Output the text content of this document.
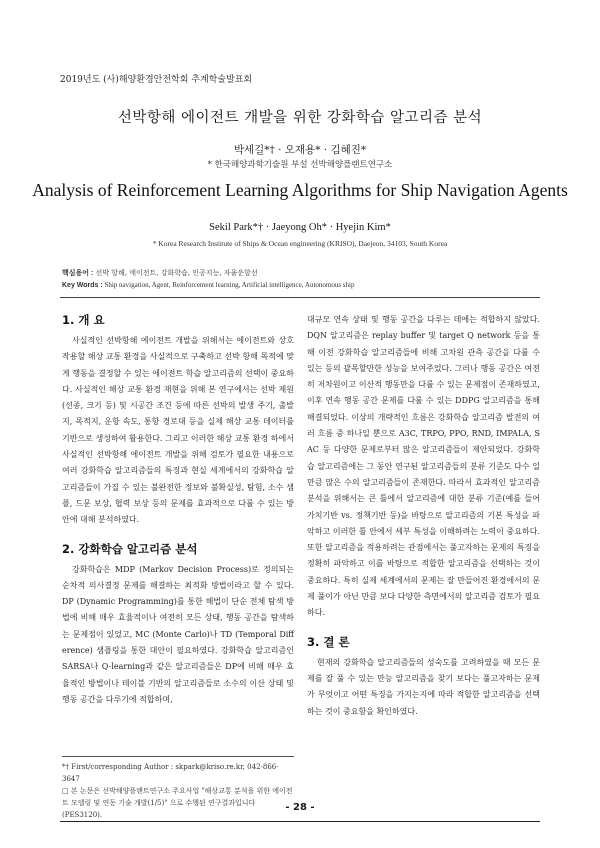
2019년도 (사)해양환경안전학회 추계학술발표회
선박항해 에이전트 개발을 위한 강화학습 알고리즘 분석
박세길*† · 오재용* · 김혜진*
* 한국해양과학기술원 부설 선박해양플랜트연구소
Analysis of Reinforcement Learning Algorithms for Ship Navigation Agents
Sekil Park*† · Jaeyong Oh* · Hyejin Kim*
* Korea Research Institute of Ships & Ocean engineering (KRISO), Daejeon, 34103, South Korea
핵심용어 : 선박 항해, 에이전트, 강화학습, 인공지능, 자율운항선
Key Words : Ship navigation, Agent, Reinforcement learning, Artificial intelligence, Autonomous ship
1. 개 요

사실적인 선박항해 에이전트 개발을 위해서는 에이전트와 상호작용할 해상 교통 환경을 사실적으로 구축하고 선박 항해 목적에 맞게 행동을 결정할 수 있는 에이전트 학습 알고리즘의 선택이 중요하다. 사실적인 해상 교통 환경 재현을 위해 본 연구에서는 선박 제원(선종, 크기 등) 및 시공간 조건 등에 따른 선박의 발생 주기, 출발지, 목적지, 운항 속도, 통항 경로대 등을 실제 해상 교통 데이터를 기반으로 생성하여 활용한다. 그리고 이러한 해상 교통 환경 하에서 사실적인 선박항해 에이전트 개발을 위해 검토가 필요한 내용으로 여러 강화학습 알고리즘들의 특징과 현실 세계에서의 강화학습 알고리즘들이 가질 수 있는 불완전한 정보와 불확실성, 탐험, 소수 샘플, 드문 보상, 협력 보상 등의 문제를 효과적으로 다룰 수 있는 방안에 대해 분석하였다.

2. 강화학습 알고리즘 분석

강화학습은 MDP (Markov Decision Process)로 정의되는 순차적 의사결정 문제를 해결하는 최적화 방법이라고 할 수 있다. DP (Dynamic Programming)를 통한 해법이 단순 전체 탐색 방법에 비해 매우 효율적이나 여전히 모든 상태, 행동 공간을 탐색하는 문제점이 있었고, MC (Monte Carlo)나 TD (Temporal Difference) 샘플링을 통한 대안이 필요하였다. 강화학습 알고리즘인 SARSA나 Q-learning과 같은 알고리즘들은 DP에 비해 매우 효율적인 방법이나 테이블 기반의 알고리즘들로 소수의 이산 상태 및 행동 공간을 다루기에 적합하며,

대규모 연속 상태 및 행동 공간을 다루는 데에는 적합하지 않았다. DQN 알고리즘은 replay buffer 및 target Q network 등을 통해 이전 강화학습 알고리즘들에 비해 고차원 관측 공간을 다룰 수 있는 등의 괄목할만한 성능을 보여주었다. 그러나 행동 공간은 여전히 저차원이고 이산적 행동만을 다룰 수 있는 문제점이 존재하였고, 이후 연속 행동 공간 문제를 다룰 수 있는 DDPG 알고리즘을 통해 해결되었다. 이상의 개략적인 흐름은 강화학습 알고리즘 발전의 여러 흐름 중 하나일 뿐으로 A3C, TRPO, PPO, RND, IMPALA, SAC 등 다양한 문제로부터 많은 알고리즘들이 제안되었다. 강화학습 알고리즘에는 그 동안 연구된 알고리즘들의 분류 기준도 다수 일 만큼 많은 수의 알고리즘들이 존재한다. 따라서 효과적인 알고리즘 분석을 위해서는 큰 틀에서 알고리즘에 대한 분류 기준(예를 들어 가치기반 vs. 정책기반 등)을 바탕으로 알고리즘의 기본 특성을 파악하고 이러한 틀 안에서 세부 특성을 이해하려는 노력이 중요하다. 또한 알고리즘을 적용하려는 관점에서는 풀고자하는 문제의 특징을 정확히 파악하고 이를 바탕으로 적합한 알고리즘을 선택하는 것이 중요하다. 특히 실제 세계에서의 문제는 잘 만들어진 환경에서의 문제 풀이가 아닌 만큼 보다 다양한 측면에서의 알고리즘 검토가 필요하다.

3. 결 론

현재의 강화학습 알고리즘들의 성숙도를 고려하였을 때 모든 문제를 잘 풀 수 있는 만능 알고리즘을 찾기 보다는 풀고자하는 문제가 무엇이고 어떤 특징을 가지는지에 따라 적합한 알고리즘을 선택하는 것이 중요함을 확인하였다.

*† First/corresponding Author : skpark@kriso.re.kr, 042-866-3647

□ 본 논문은 선박해양플랜트연구소 주요사업 "해상교통 분석을 위한 에이전트 모델링 및 연동 기술 개발(1/5)" 으로 수행된 연구결과입니다(PES3120).

- 28 -
